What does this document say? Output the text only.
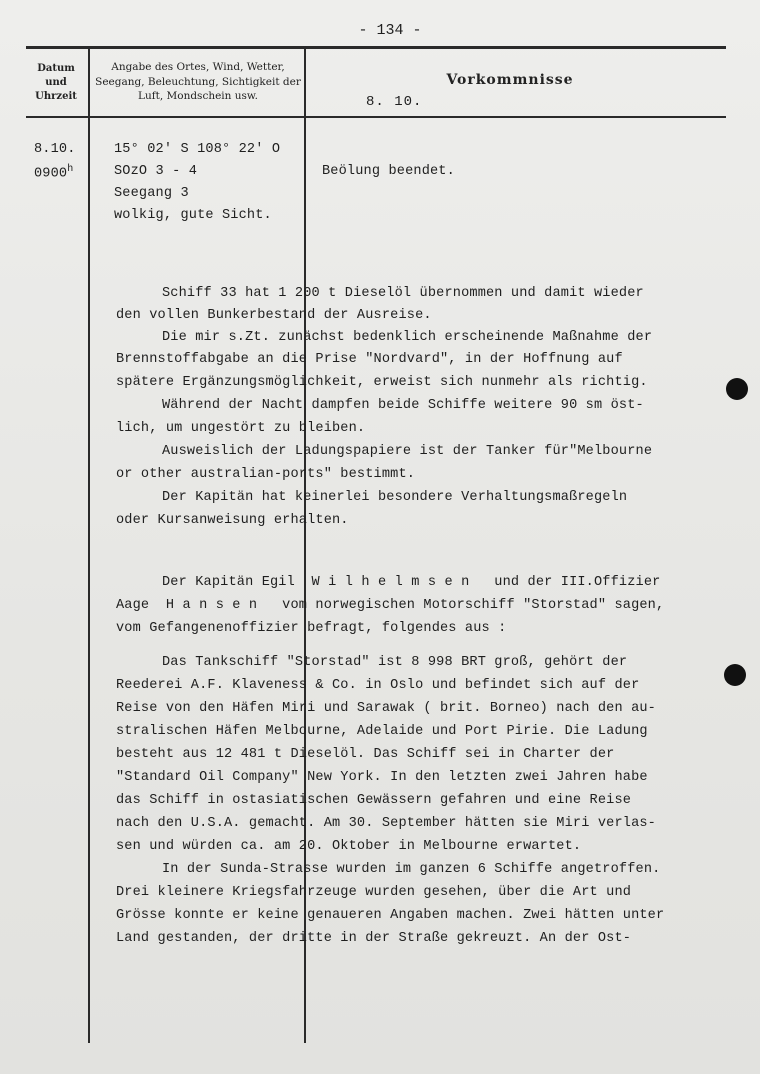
- 134 -
Datum und Uhrzeit
Angabe des Ortes, Wind, Wetter, Seegang, Beleuchtung, Sichtigkeit der Luft, Mondschein usw.
Vorkommnisse
8. 10.
8.10.
0900$^h$
15° 02' S 108° 22' O
SOzO 3 - 4
Seegang 3
wolkig, gute Sicht.
Beölung beendet.
Schiff 33 hat 1 200 t Dieselöl übernommen und damit wieder
den vollen Bunkerbestand der Ausreise.
Die mir s.Zt. zunächst bedenklich erscheinende Maßnahme der
Brennstoffabgabe an die Prise "Nordvard", in der Hoffnung auf
spätere Ergänzungsmöglichkeit, erweist sich nunmehr als richtig.
Während der Nacht dampfen beide Schiffe weitere 90 sm öst-
lich, um ungestört zu bleiben.
Ausweislich der Ladungspapiere ist der Tanker für"Melbourne
or other australian-ports" bestimmt.
Der Kapitän hat keinerlei besondere Verhaltungsmaßregeln
oder Kursanweisung erhalten.
Der Kapitän Egil  W i l h e l m s e n   und der III.Offizier
Aage  H a n s e n   vom norwegischen Motorschiff "Storstad" sagen,
vom Gefangenenoffizier befragt, folgendes aus :
Das Tankschiff "Storstad" ist 8 998 BRT groß, gehört der
Reederei A.F. Klaveness & Co. in Oslo und befindet sich auf der
Reise von den Häfen Miri und Sarawak ( brit. Borneo) nach den au-
stralischen Häfen Melbourne, Adelaide und Port Pirie. Die Ladung
besteht aus 12 481 t Dieselöl. Das Schiff sei in Charter der
"Standard Oil Company" New York. In den letzten zwei Jahren habe
das Schiff in ostasiatischen Gewässern gefahren und eine Reise
nach den U.S.A. gemacht. Am 30. September hätten sie Miri verlas-
sen und würden ca. am 20. Oktober in Melbourne erwartet.
In der Sunda-Strasse wurden im ganzen 6 Schiffe angetroffen.
Drei kleinere Kriegsfahrzeuge wurden gesehen, über die Art und
Grösse konnte er keine genaueren Angaben machen. Zwei hätten unter
Land gestanden, der dritte in der Straße gekreuzt. An der Ost-
